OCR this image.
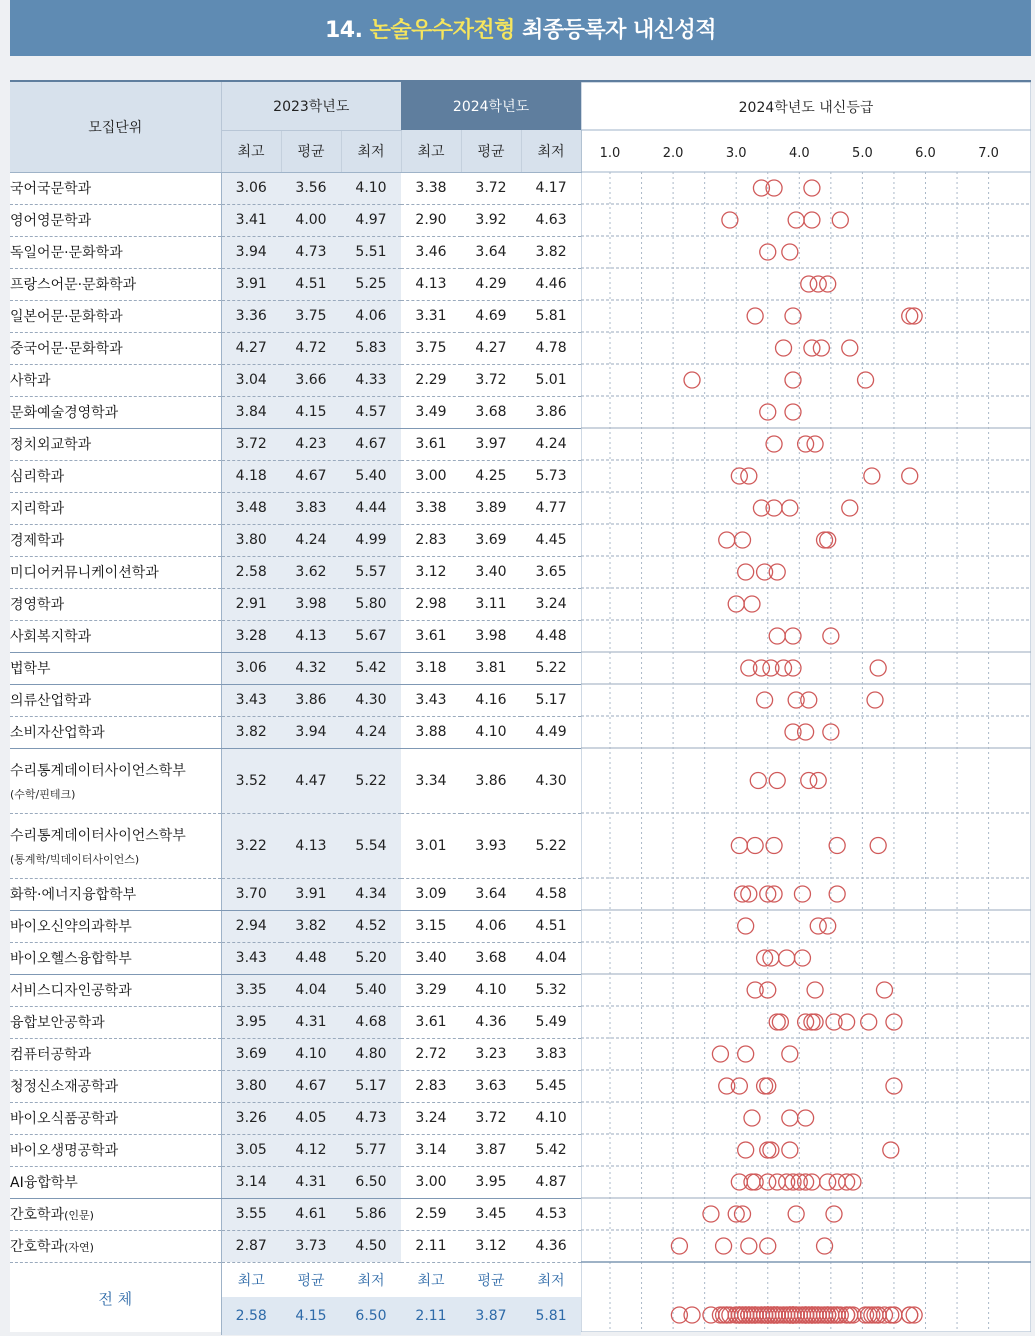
14. 논술우수자전형 최종등록자 내신성적
모집단위	2023학년도			2024학년도		
	최고	평균	최저	최고	평균	최저
국어국문학과	3.06	3.56	4.10	3.38	3.72	4.17
영어영문학과	3.41	4.00	4.97	2.90	3.92	4.63
독일어문·문화학과	3.94	4.73	5.51	3.46	3.64	3.82
프랑스어문·문화학과	3.91	4.51	5.25	4.13	4.29	4.46
일본어문·문화학과	3.36	3.75	4.06	3.31	4.69	5.81
중국어문·문화학과	4.27	4.72	5.83	3.75	4.27	4.78
사학과	3.04	3.66	4.33	2.29	3.72	5.01
문화예술경영학과	3.84	4.15	4.57	3.49	3.68	3.86
정치외교학과	3.72	4.23	4.67	3.61	3.97	4.24
심리학과	4.18	4.67	5.40	3.00	4.25	5.73
지리학과	3.48	3.83	4.44	3.38	3.89	4.77
경제학과	3.80	4.24	4.99	2.83	3.69	4.45
미디어커뮤니케이션학과	2.58	3.62	5.57	3.12	3.40	3.65
경영학과	2.91	3.98	5.80	2.98	3.11	3.24
사회복지학과	3.28	4.13	5.67	3.61	3.98	4.48
법학부	3.06	4.32	5.42	3.18	3.81	5.22
의류산업학과	3.43	3.86	4.30	3.43	4.16	5.17
소비자산업학과	3.82	3.94	4.24	3.88	4.10	4.49
수리통계데이터사이언스학부
(수학/핀테크)	3.52	4.47	5.22	3.34	3.86	4.30
수리통계데이터사이언스학부
(통계학/빅데이터사이언스)	3.22	4.13	5.54	3.01	3.93	5.22
화학·에너지융합학부	3.70	3.91	4.34	3.09	3.64	4.58
바이오신약의과학부	2.94	3.82	4.52	3.15	4.06	4.51
바이오헬스융합학부	3.43	4.48	5.20	3.40	3.68	4.04
서비스디자인공학과	3.35	4.04	5.40	3.29	4.10	5.32
융합보안공학과	3.95	4.31	4.68	3.61	4.36	5.49
컴퓨터공학과	3.69	4.10	4.80	2.72	3.23	3.83
청정신소재공학과	3.80	4.67	5.17	2.83	3.63	5.45
바이오식품공학과	3.26	4.05	4.73	3.24	3.72	4.10
바이오생명공학과	3.05	4.12	5.77	3.14	3.87	5.42
AI융합학부	3.14	4.31	6.50	3.00	3.95	4.87
간호학과(인문)	3.55	4.61	5.86	2.59	3.45	4.53
간호학과(자연)	2.87	3.73	4.50	2.11	3.12	4.36
전 체	최고	평균	최저	최고	평균	최저
	2.58	4.15	6.50	2.11	3.87	5.81
2024학년도 내신등급
1.0	2.0	3.0	4.0	5.0	6.0	7.0
